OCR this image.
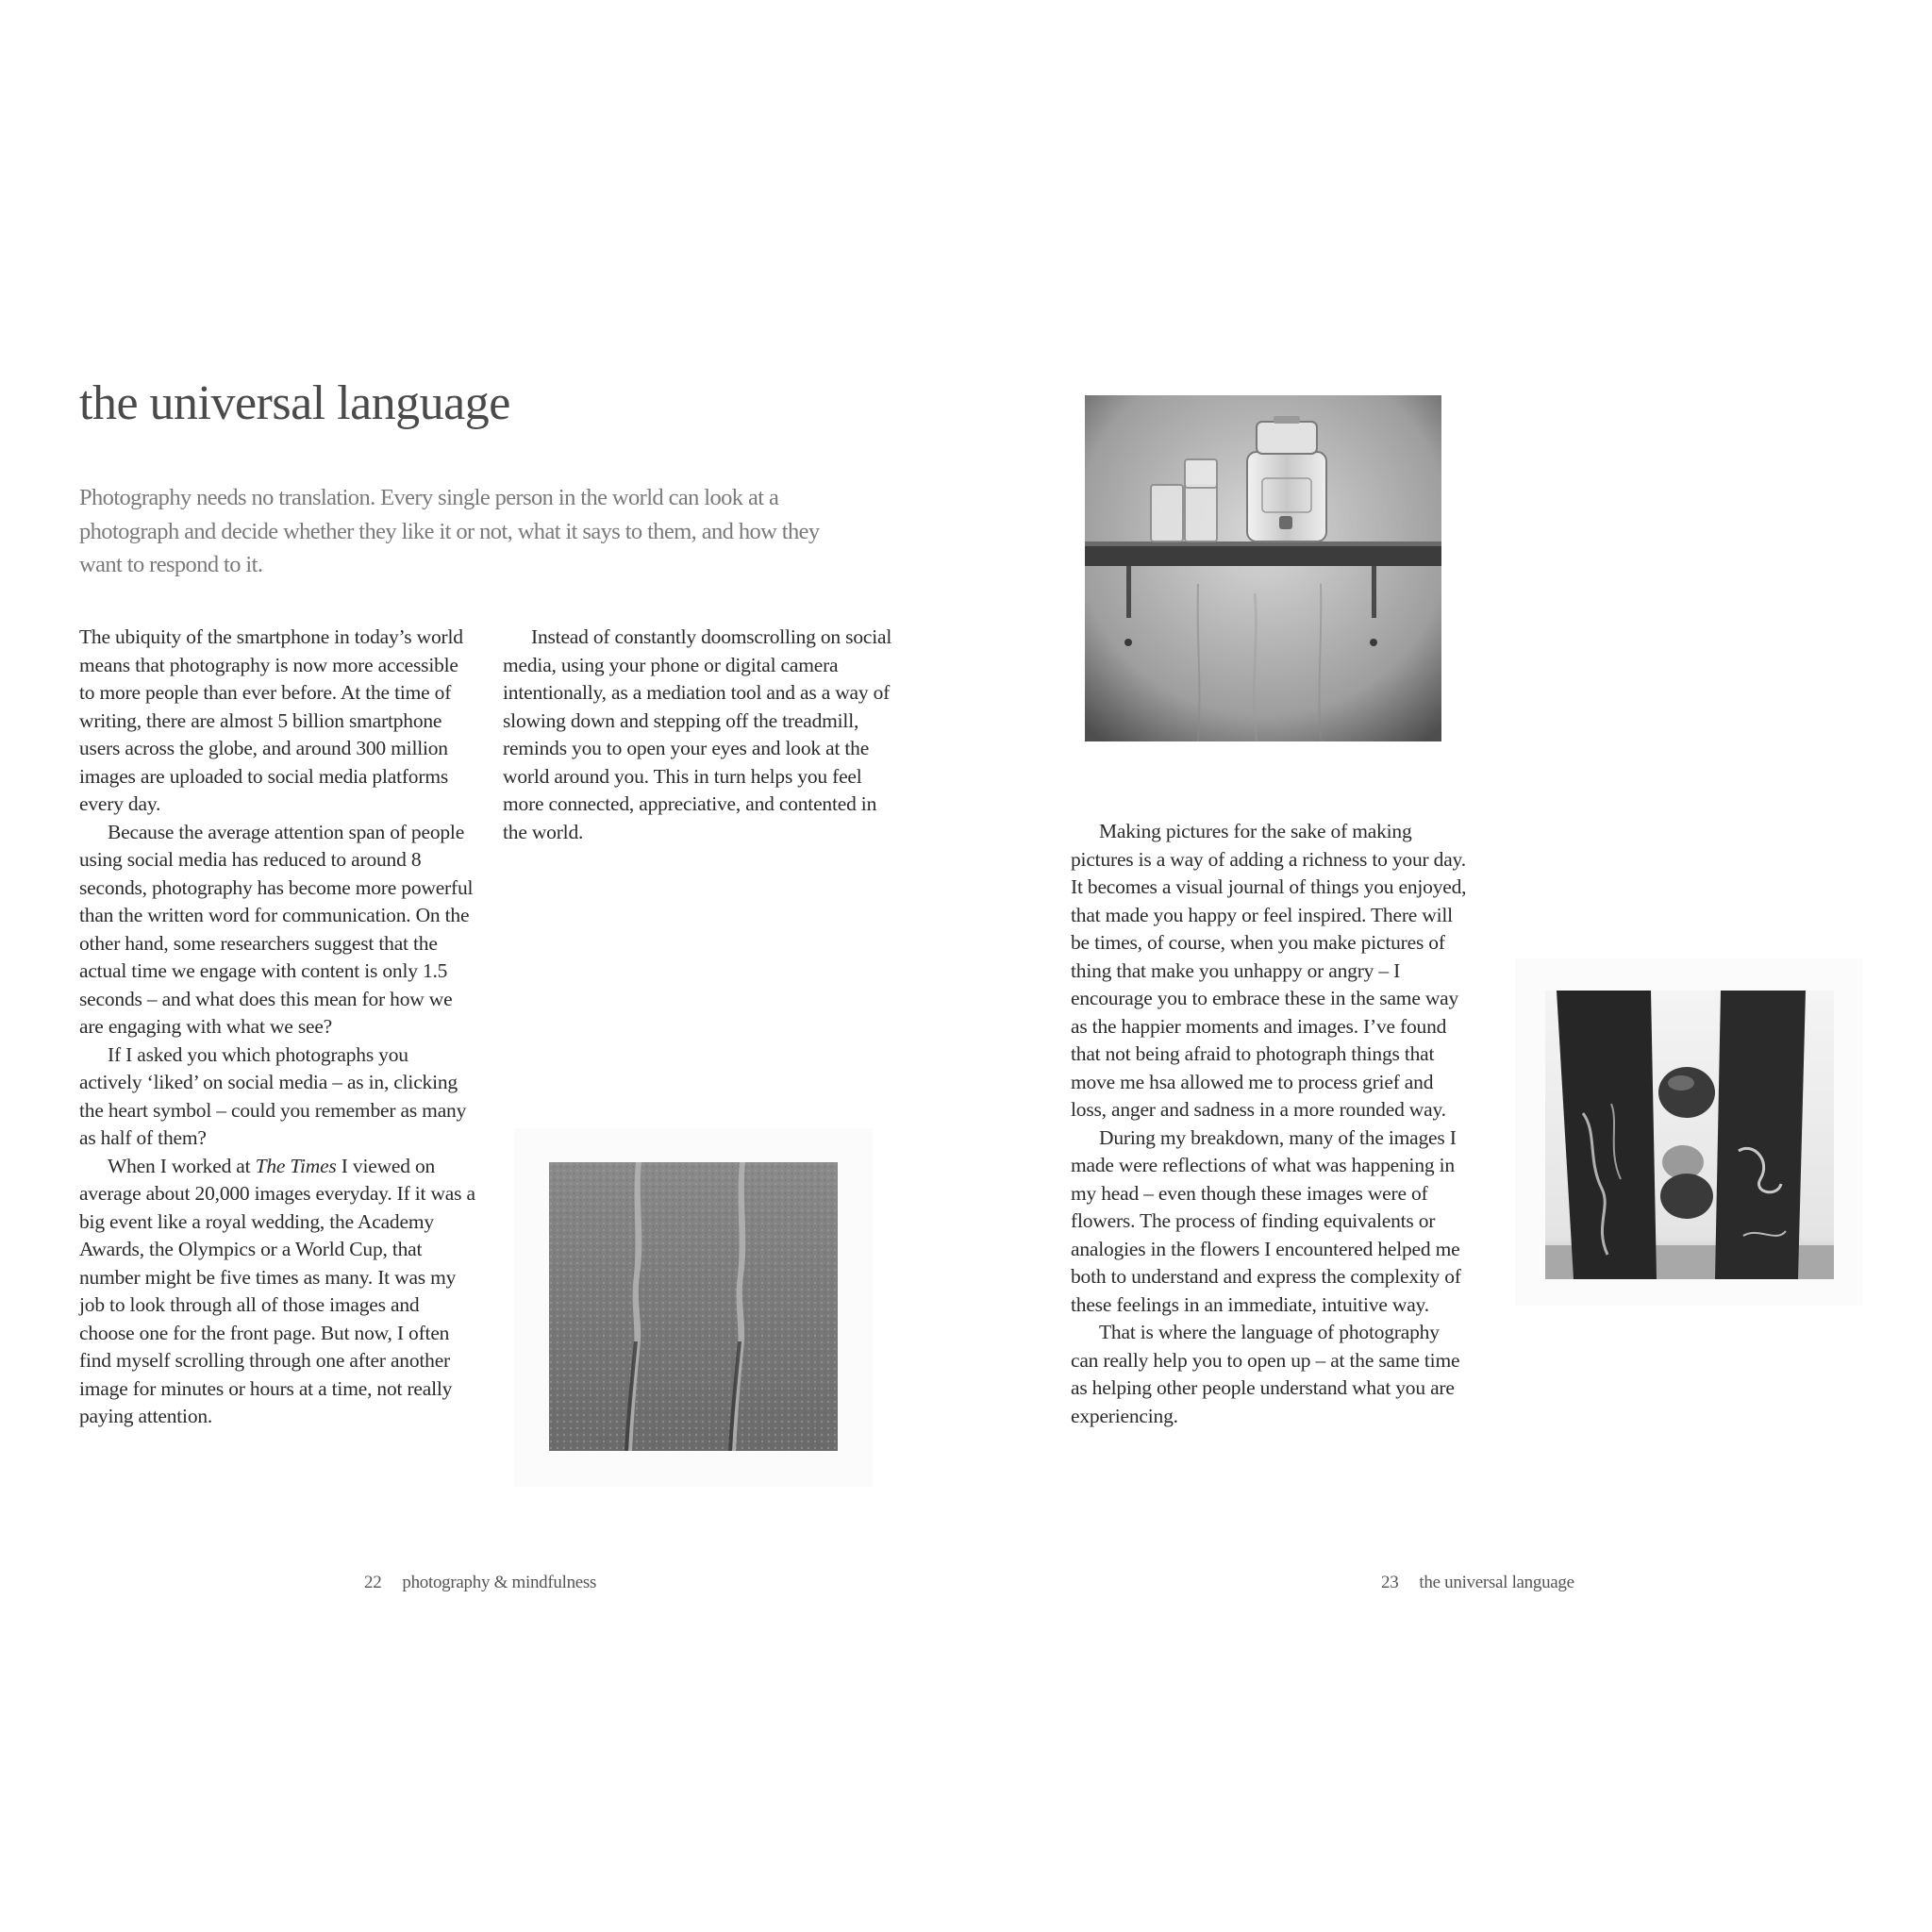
the universal language

Photography needs no translation. Every single person in the world can look at a photograph and decide whether they like it or not, what it says to them, and how they want to respond to it.

The ubiquity of the smartphone in today’s world means that photography is now more accessible to more people than ever before. At the time of writing, there are almost 5 billion smartphone users across the globe, and around 300 million images are uploaded to social media platforms every day.

Because the average attention span of people using social media has reduced to around 8 seconds, photography has become more powerful than the written word for communication. On the other hand, some researchers suggest that the actual time we engage with content is only 1.5 seconds – and what does this mean for how we are engaging with what we see?

If I asked you which photographs you actively ‘liked’ on social media – as in, clicking the heart symbol – could you remember as many as half of them?

When I worked at The Times I viewed on average about 20,000 images everyday. If it was a big event like a royal wedding, the Academy Awards, the Olympics or a World Cup, that number might be five times as many. It was my job to look through all of those images and choose one for the front page. But now, I often find myself scrolling through one after another image for minutes or hours at a time, not really paying attention.

Instead of constantly doomscrolling on social media, using your phone or digital camera intentionally, as a mediation tool and as a way of slowing down and stepping off the treadmill, reminds you to open your eyes and look at the world around you. This in turn helps you feel more connected, appreciative, and contented in the world.

22 photography & mindfulness

Making pictures for the sake of making pictures is a way of adding a richness to your day. It becomes a visual journal of things you enjoyed, that made you happy or feel inspired. There will be times, of course, when you make pictures of thing that make you unhappy or angry – I encourage you to embrace these in the same way as the happier moments and images. I’ve found that not being afraid to photograph things that move me hsa allowed me to process grief and loss, anger and sadness in a more rounded way.

During my breakdown, many of the images I made were reflections of what was happening in my head – even though these images were of flowers. The process of finding equivalents or analogies in the flowers I encountered helped me both to understand and express the complexity of these feelings in an immediate, intuitive way.

That is where the language of photography can really help you to open up – at the same time as helping other people understand what you are experiencing.

23 the universal language
